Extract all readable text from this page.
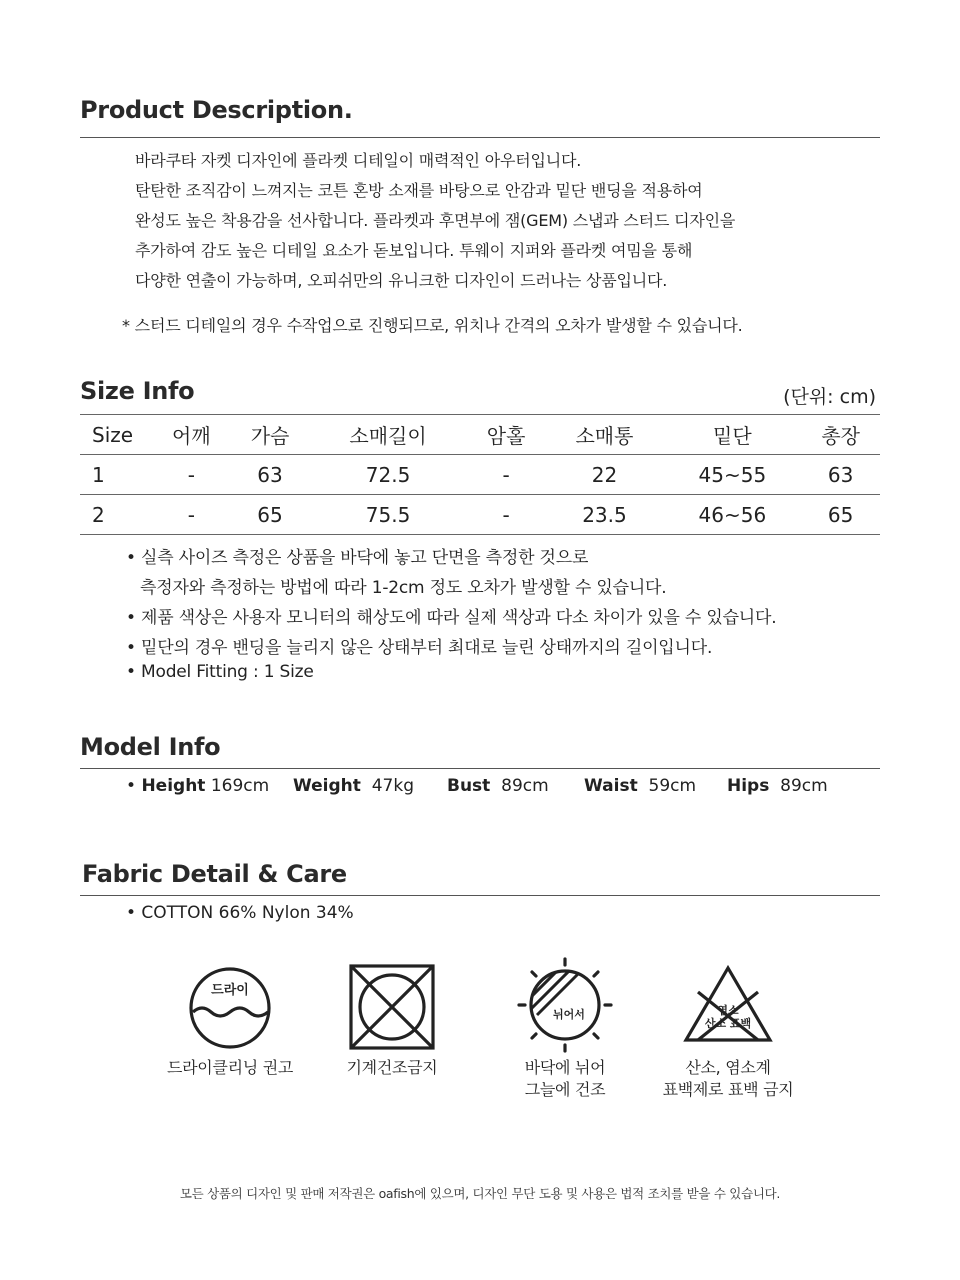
Product Description.
바라쿠타 자켓 디자인에 플라켓 디테일이 매력적인 아우터입니다.
탄탄한 조직감이 느껴지는 코튼 혼방 소재를 바탕으로 안감과 밑단 밴딩을 적용하여
완성도 높은 착용감을 선사합니다. 플라켓과 후면부에 잼(GEM) 스냅과 스터드 디자인을
추가하여 감도 높은 디테일 요소가 돋보입니다. 투웨이 지퍼와 플라켓 여밈을 통해
다양한 연출이 가능하며, 오피쉬만의 유니크한 디자인이 드러나는 상품입니다.
* 스터드 디테일의 경우 수작업으로 진행되므로, 위치나 간격의 오차가 발생할 수 있습니다.
Size Info	(단위: cm)
Size	어깨	가슴	소매길이	암홀	소매통	밑단	총장
1	-	63	72.5	-	22	45~55	63
2	-	65	75.5	-	23.5	46~56	65
• 실측 사이즈 측정은 상품을 바닥에 놓고 단면을 측정한 것으로
측정자와 측정하는 방법에 따라 1-2cm 정도 오차가 발생할 수 있습니다.
• 제품 색상은 사용자 모니터의 해상도에 따라 실제 색상과 다소 차이가 있을 수 있습니다.
• 밑단의 경우 밴딩을 늘리지 않은 상태부터 최대로 늘린 상태까지의 길이입니다.
• Model Fitting : 1 Size
Model Info
• Height 169cm Weight 47kg Bust 89cm Waist 59cm Hips 89cm
Fabric Detail & Care
• COTTON 66% Nylon 34%
드라이
뉘어서	염소
산소 표백
드라이클리닝 권고	기계건조금지	바닥에 뉘어
그늘에 건조
산소, 염소계
표백제로 표백 금지
모든 상품의 디자인 및 판매 저작권은 oafish에 있으며, 디자인 무단 도용 및 사용은 법적 조치를 받을 수 있습니다.
